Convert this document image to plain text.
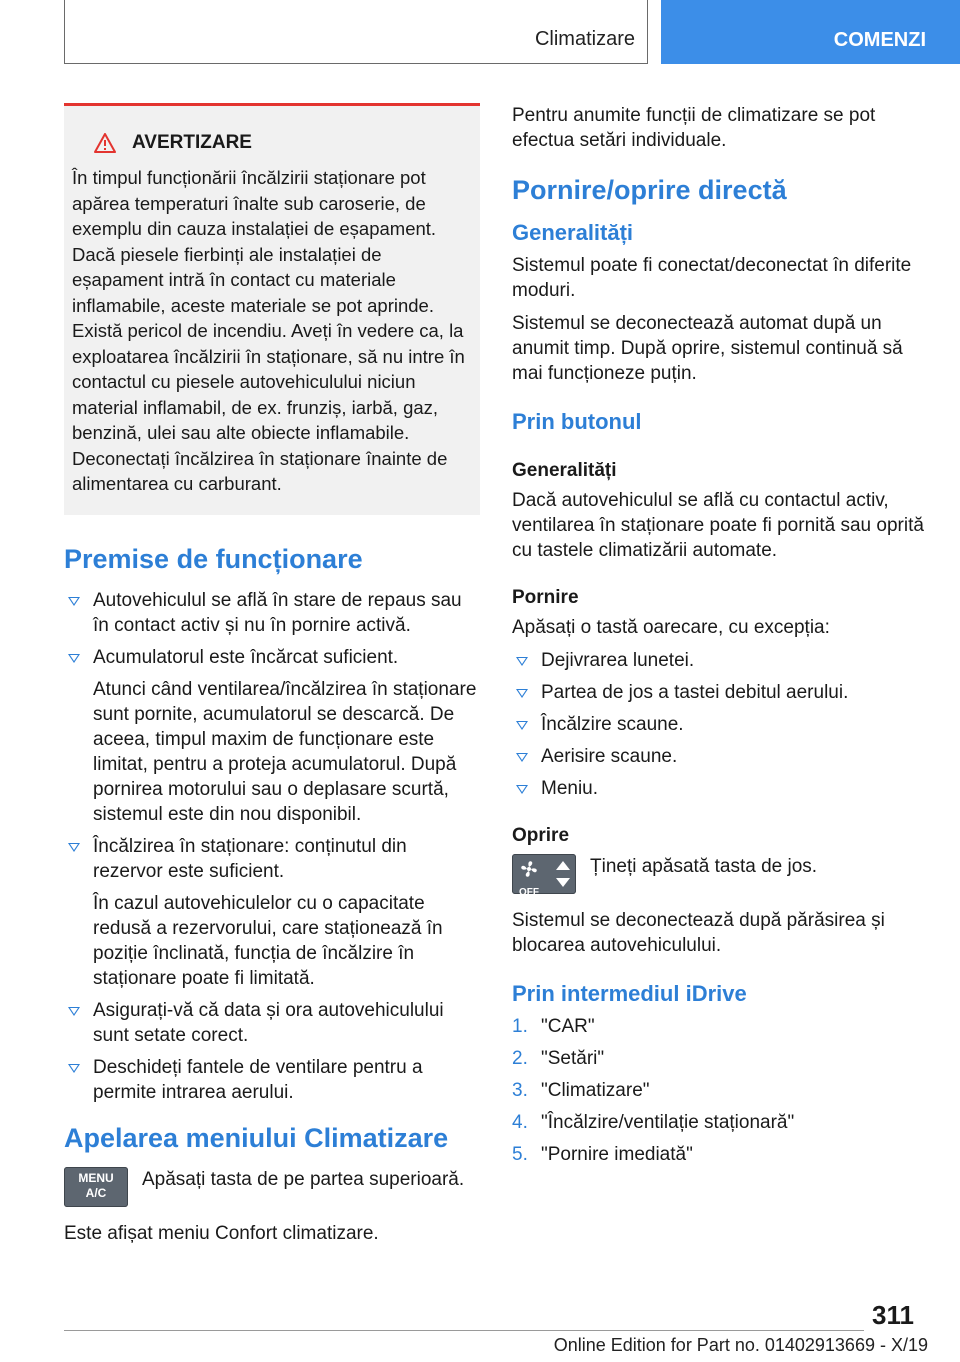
Climatizare	COMENZI
AVERTIZARE
În timpul funcționării încălzirii staționare pot apărea temperaturi înalte sub caroserie, de exemplu din cauza instalației de eșapament. Dacă piesele fierbinți ale instalației de eșapament intră în contact cu materiale inflamabile, aceste materiale se pot aprinde. Există pericol de incendiu. Aveți în vedere ca, la exploatarea încălzirii în staționare, să nu intre în contactul cu piesele autovehiculului niciun material inflamabil, de ex. frunziș, iarbă, gaz, benzină, ulei sau alte obiecte inflamabile. Deconectați încălzirea în staționare înainte de alimentarea cu carburant.
Premise de funcționare
Autovehiculul se află în stare de repaus sau în contact activ și nu în pornire activă.
Acumulatorul este încărcat suficient.
Atunci când ventilarea/încălzirea în staționare sunt pornite, acumulatorul se descarcă. De aceea, timpul maxim de funcționare este limitat, pentru a proteja acumulatorul. După pornirea motorului sau o deplasare scurtă, sistemul este din nou disponibil.
Încălzirea în staționare: conținutul din rezervor este suficient.
În cazul autovehiculelor cu o capacitate redusă a rezervorului, care staționează în poziție înclinată, funcția de încălzire în staționare poate fi limitată.
Asigurați-vă că data și ora autovehiculului sunt setate corect.
Deschideți fantele de ventilare pentru a permite intrarea aerului.
Apelarea meniului Climatizare
MENU
A/C
Apăsați tasta de pe partea superioară.

Este afișat meniu Confort climatizare.

Pentru anumite funcții de climatizare se pot efectua setări individuale.

Pornire/oprire directă
Generalități

Sistemul poate fi conectat/deconectat în diferite moduri.

Sistemul se deconectează automat după un anumit timp. După oprire, sistemul continuă să mai funcționeze puțin.

Prin butonul
Generalități

Dacă autovehiculul se află cu contactul activ, ventilarea în staționare poate fi pornită sau oprită cu tastele climatizării automate.

Pornire

Apăsați o tastă oarecare, cu excepția:

Dejivrarea lunetei.
Partea de jos a tastei debitul aerului.
Încălzire scaune.
Aerisire scaune.
Meniu.
Oprire
OFF
Țineți apăsată tasta de jos.

Sistemul se deconectează după părăsirea și blocarea autovehiculului.

Prin intermediul iDrive
1. "CAR"
2. "Setări"
3. "Climatizare"
4. "Încălzire/ventilație staționară"
5. "Pornire imediată"
311
Online Edition for Part no. 01402913669 - X/19
